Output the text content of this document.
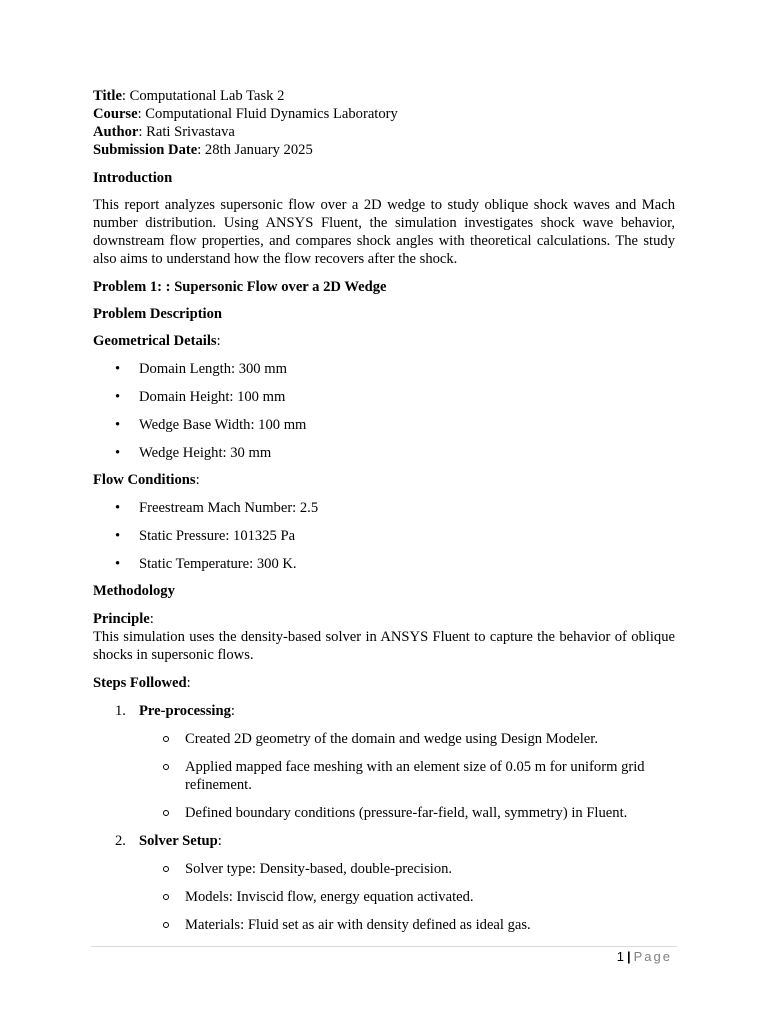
Title: Computational Lab Task 2
Course: Computational Fluid Dynamics Laboratory
Author: Rati Srivastava
Submission Date: 28th January 2025
Introduction
This report analyzes supersonic flow over a 2D wedge to study oblique shock waves and Mach number distribution. Using ANSYS Fluent, the simulation investigates shock wave behavior, downstream flow properties, and compares shock angles with theoretical calculations. The study also aims to understand how the flow recovers after the shock.
Problem 1: : Supersonic Flow over a 2D Wedge
Problem Description
Geometrical Details:
• Domain Length: 300 mm
• Domain Height: 100 mm
• Wedge Base Width: 100 mm
• Wedge Height: 30 mm
Flow Conditions:
• Freestream Mach Number: 2.5
• Static Pressure: 101325 Pa
• Static Temperature: 300 K.
Methodology
Principle:
This simulation uses the density-based solver in ANSYS Fluent to capture the behavior of oblique shocks in supersonic flows.
Steps Followed:
1. Pre-processing:
Created 2D geometry of the domain and wedge using Design Modeler.
Applied mapped face meshing with an element size of 0.05 m for uniform grid refinement.
Defined boundary conditions (pressure-far-field, wall, symmetry) in Fluent.
2. Solver Setup:
Solver type: Density-based, double-precision.
Models: Inviscid flow, energy equation activated.
Materials: Fluid set as air with density defined as ideal gas.
1 | Page
